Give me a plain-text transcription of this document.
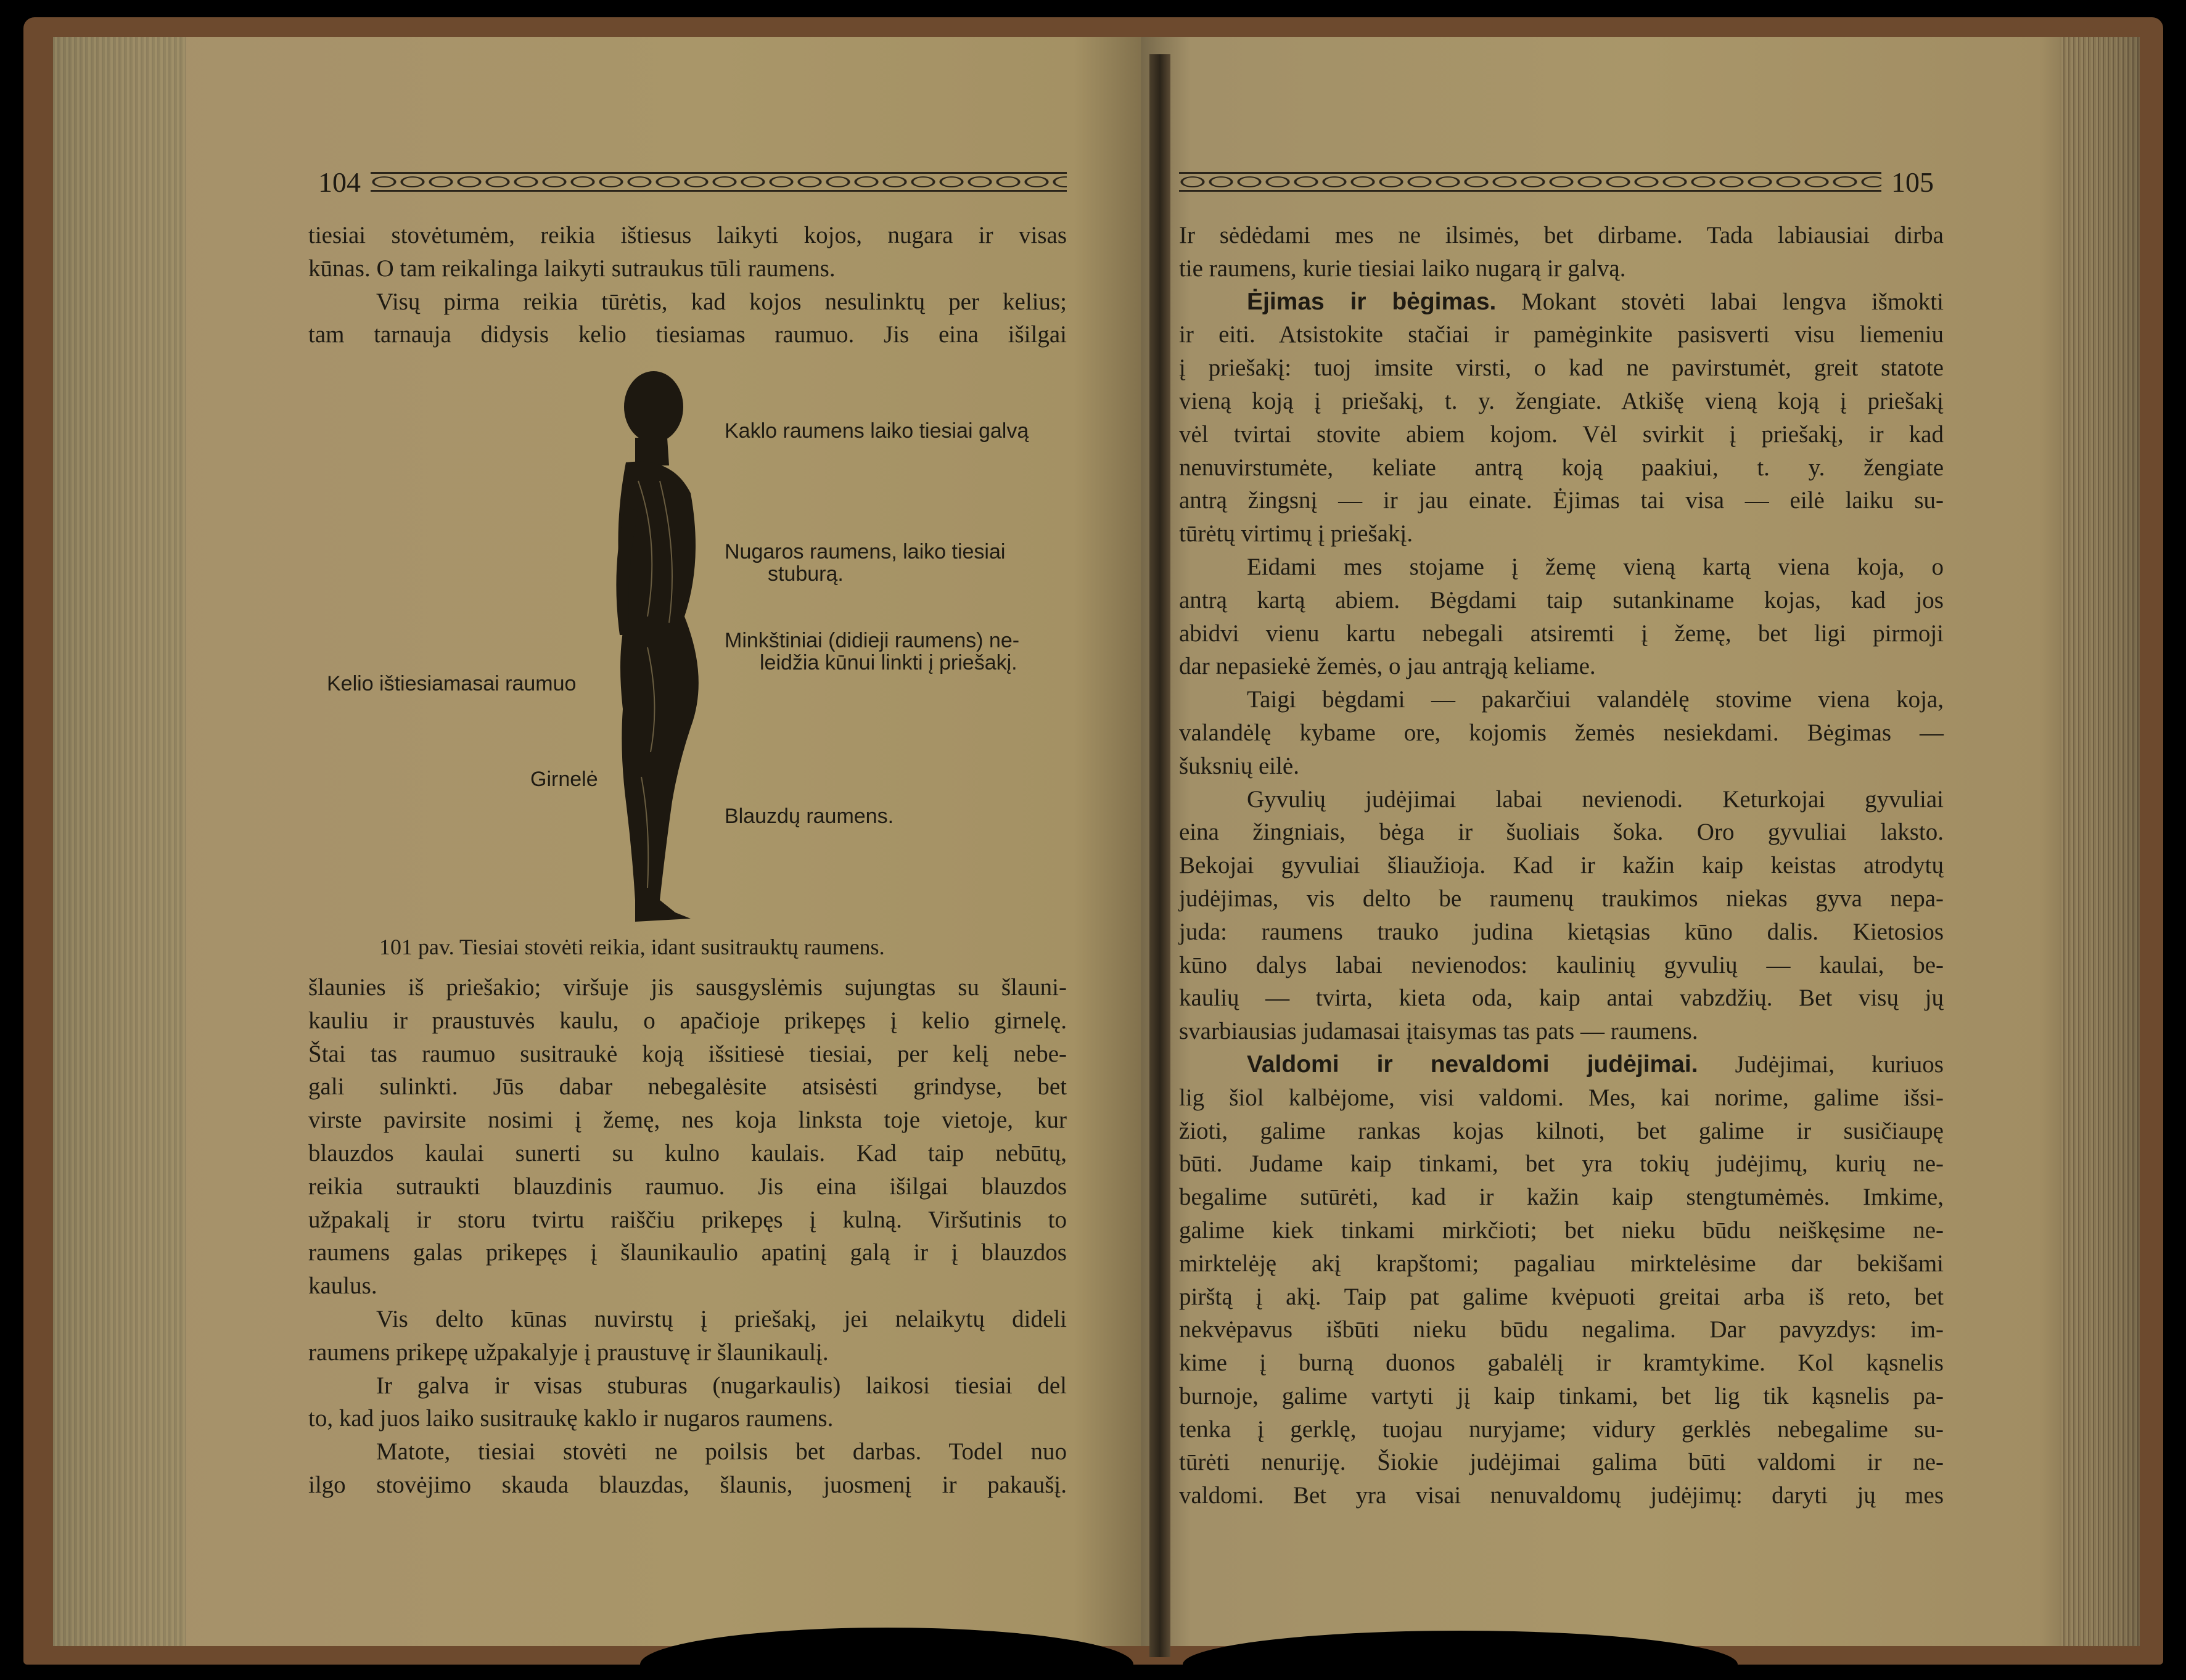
104
tiesiai stovėtumėm, reikia ištiesus laikyti kojos, nugara ir visas
kūnas. O tam reikalinga laikyti sutraukus tūli raumens.
Visų pirma reikia tūrėtis, kad kojos nesulinktų per kelius;
tam tarnauja didysis kelio tiesiamas raumuo. Jis eina išilgai
Kaklo raumens laiko tiesiai galvą
Nugaros raumens, laiko tiesiai
stuburą.
Minkštiniai (didieji raumens) ne-
leidžia kūnui linkti į priešakį.
Kelio ištiesiamasai raumuo
Girnelė
Blauzdų raumens.
101 pav. Tiesiai stovėti reikia, idant susitrauktų raumens.
šlaunies iš priešakio; viršuje jis sausgyslėmis sujungtas su šlauni-
kauliu ir praustuvės kaulu, o apačioje prikepęs į kelio girnelę.
Štai tas raumuo susitraukė koją išsitiesė tiesiai, per kelį nebe-
gali sulinkti. Jūs dabar nebegalėsite atsisėsti grindyse, bet
virste pavirsite nosimi į žemę, nes koja linksta toje vietoje, kur
blauzdos kaulai sunerti su kulno kaulais. Kad taip nebūtų,
reikia sutraukti blauzdinis raumuo. Jis eina išilgai blauzdos
užpakalį ir storu tvirtu raiščiu prikepęs į kulną. Viršutinis to
raumens galas prikepęs į šlaunikaulio apatinį galą ir į blauzdos
kaulus.
Vis delto kūnas nuvirstų į priešakį, jei nelaikytų dideli
raumens prikepę užpakalyje į praustuvę ir šlaunikaulį.
Ir galva ir visas stuburas (nugarkaulis) laikosi tiesiai del
to, kad juos laiko susitraukę kaklo ir nugaros raumens.
Matote, tiesiai stovėti ne poilsis bet darbas. Todel nuo
ilgo stovėjimo skauda blauzdas, šlaunis, juosmenį ir pakaušį.
105
Ir sėdėdami mes ne ilsimės, bet dirbame. Tada labiausiai dirba
tie raumens, kurie tiesiai laiko nugarą ir galvą.
Ėjimas ir bėgimas. Mokant stovėti labai lengva išmokti
ir eiti. Atsistokite stačiai ir pamėginkite pasisverti visu liemeniu
į priešakį: tuoj imsite virsti, o kad ne pavirstumėt, greit statote
vieną koją į priešakį, t. y. žengiate. Atkišę vieną koją į priešakį
vėl tvirtai stovite abiem kojom. Vėl svirkit į priešakį, ir kad
nenuvirstumėte, keliate antrą koją paakiui, t. y. žengiate
antrą žingsnį — ir jau einate. Ėjimas tai visa — eilė laiku su-
tūrėtų virtimų į priešakį.
Eidami mes stojame į žemę vieną kartą viena koja, o
antrą kartą abiem. Bėgdami taip sutankiname kojas, kad jos
abidvi vienu kartu nebegali atsiremti į žemę, bet ligi pirmoji
dar nepasiekė žemės, o jau antrąją keliame.
Taigi bėgdami — pakarčiui valandėlę stovime viena koja,
valandėlę kybame ore, kojomis žemės nesiekdami. Bėgimas —
šuksnių eilė.
Gyvulių judėjimai labai nevienodi. Keturkojai gyvuliai
eina žingniais, bėga ir šuoliais šoka. Oro gyvuliai laksto.
Bekojai gyvuliai šliaužioja. Kad ir kažin kaip keistas atrodytų
judėjimas, vis delto be raumenų traukimos niekas gyva nepa-
juda: raumens trauko judina kietąsias kūno dalis. Kietosios
kūno dalys labai nevienodos: kaulinių gyvulių — kaulai, be-
kaulių — tvirta, kieta oda, kaip antai vabzdžių. Bet visų jų
svarbiausias judamasai įtaisymas tas pats — raumens.
Valdomi ir nevaldomi judėjimai. Judėjimai, kuriuos
lig šiol kalbėjome, visi valdomi. Mes, kai norime, galime išsi-
žioti, galime rankas kojas kilnoti, bet galime ir susičiaupę
būti. Judame kaip tinkami, bet yra tokių judėjimų, kurių ne-
begalime sutūrėti, kad ir kažin kaip stengtumėmės. Imkime,
galime kiek tinkami mirkčioti; bet nieku būdu neiškęsime ne-
mirktelėję akį krapštomi; pagaliau mirktelėsime dar bekišami
pirštą į akį. Taip pat galime kvėpuoti greitai arba iš reto, bet
nekvėpavus išbūti nieku būdu negalima. Dar pavyzdys: im-
kime į burną duonos gabalėlį ir kramtykime. Kol kąsnelis
burnoje, galime vartyti jį kaip tinkami, bet lig tik kąsnelis pa-
tenka į gerklę, tuojau nuryjame; vidury gerklės nebegalime su-
tūrėti nenuriję. Šiokie judėjimai galima būti valdomi ir ne-
valdomi. Bet yra visai nenuvaldomų judėjimų: daryti jų mes
